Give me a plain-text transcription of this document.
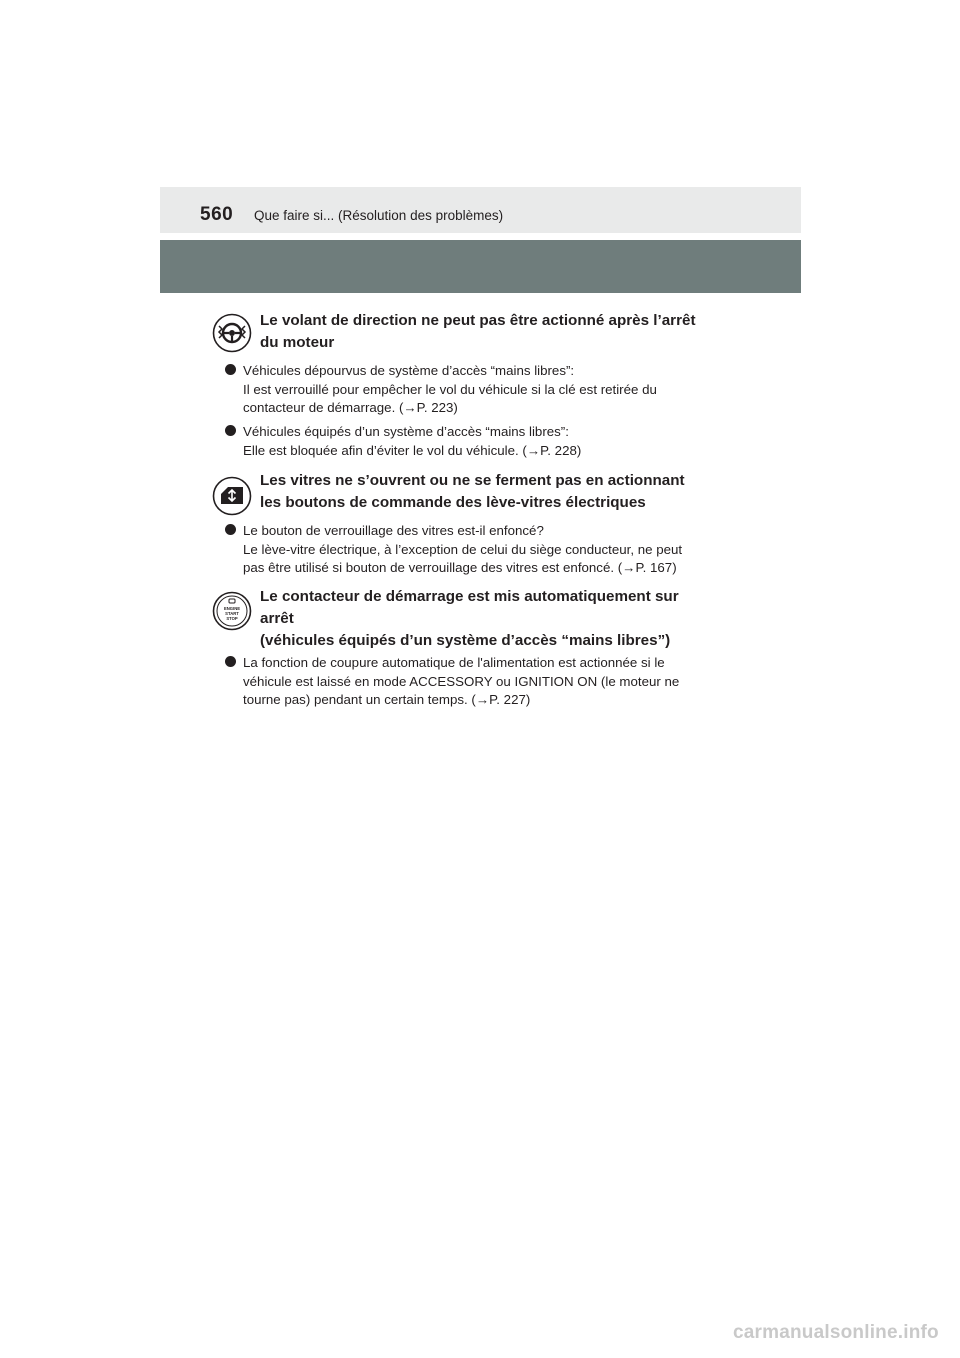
560 Que faire si... (Résolution des problèmes)
Le volant de direction ne peut pas être actionné après l’arrêt
du moteur
Véhicules dépourvus de système d’accès “mains libres”:
Il est verrouillé pour empêcher le vol du véhicule si la clé est retirée du
contacteur de démarrage. (→P. 223)
Véhicules équipés d’un système d’accès “mains libres”:
Elle est bloquée afin d’éviter le vol du véhicule. (→P. 228)
Les vitres ne s’ouvrent ou ne se ferment pas en actionnant
les boutons de commande des lève-vitres électriques
Le bouton de verrouillage des vitres est-il enfoncé?
Le lève-vitre électrique, à l’exception de celui du siège conducteur, ne peut
pas être utilisé si bouton de verrouillage des vitres est enfoncé. (→P. 167)
ENGINE
START
STOP
Le contacteur de démarrage est mis automatiquement sur
arrêt
(véhicules équipés d’un système d’accès “mains libres”)
La fonction de coupure automatique de l'alimentation est actionnée si le
véhicule est laissé en mode ACCESSORY ou IGNITION ON (le moteur ne
tourne pas) pendant un certain temps. (→P. 227)
carmanualsonline.info
